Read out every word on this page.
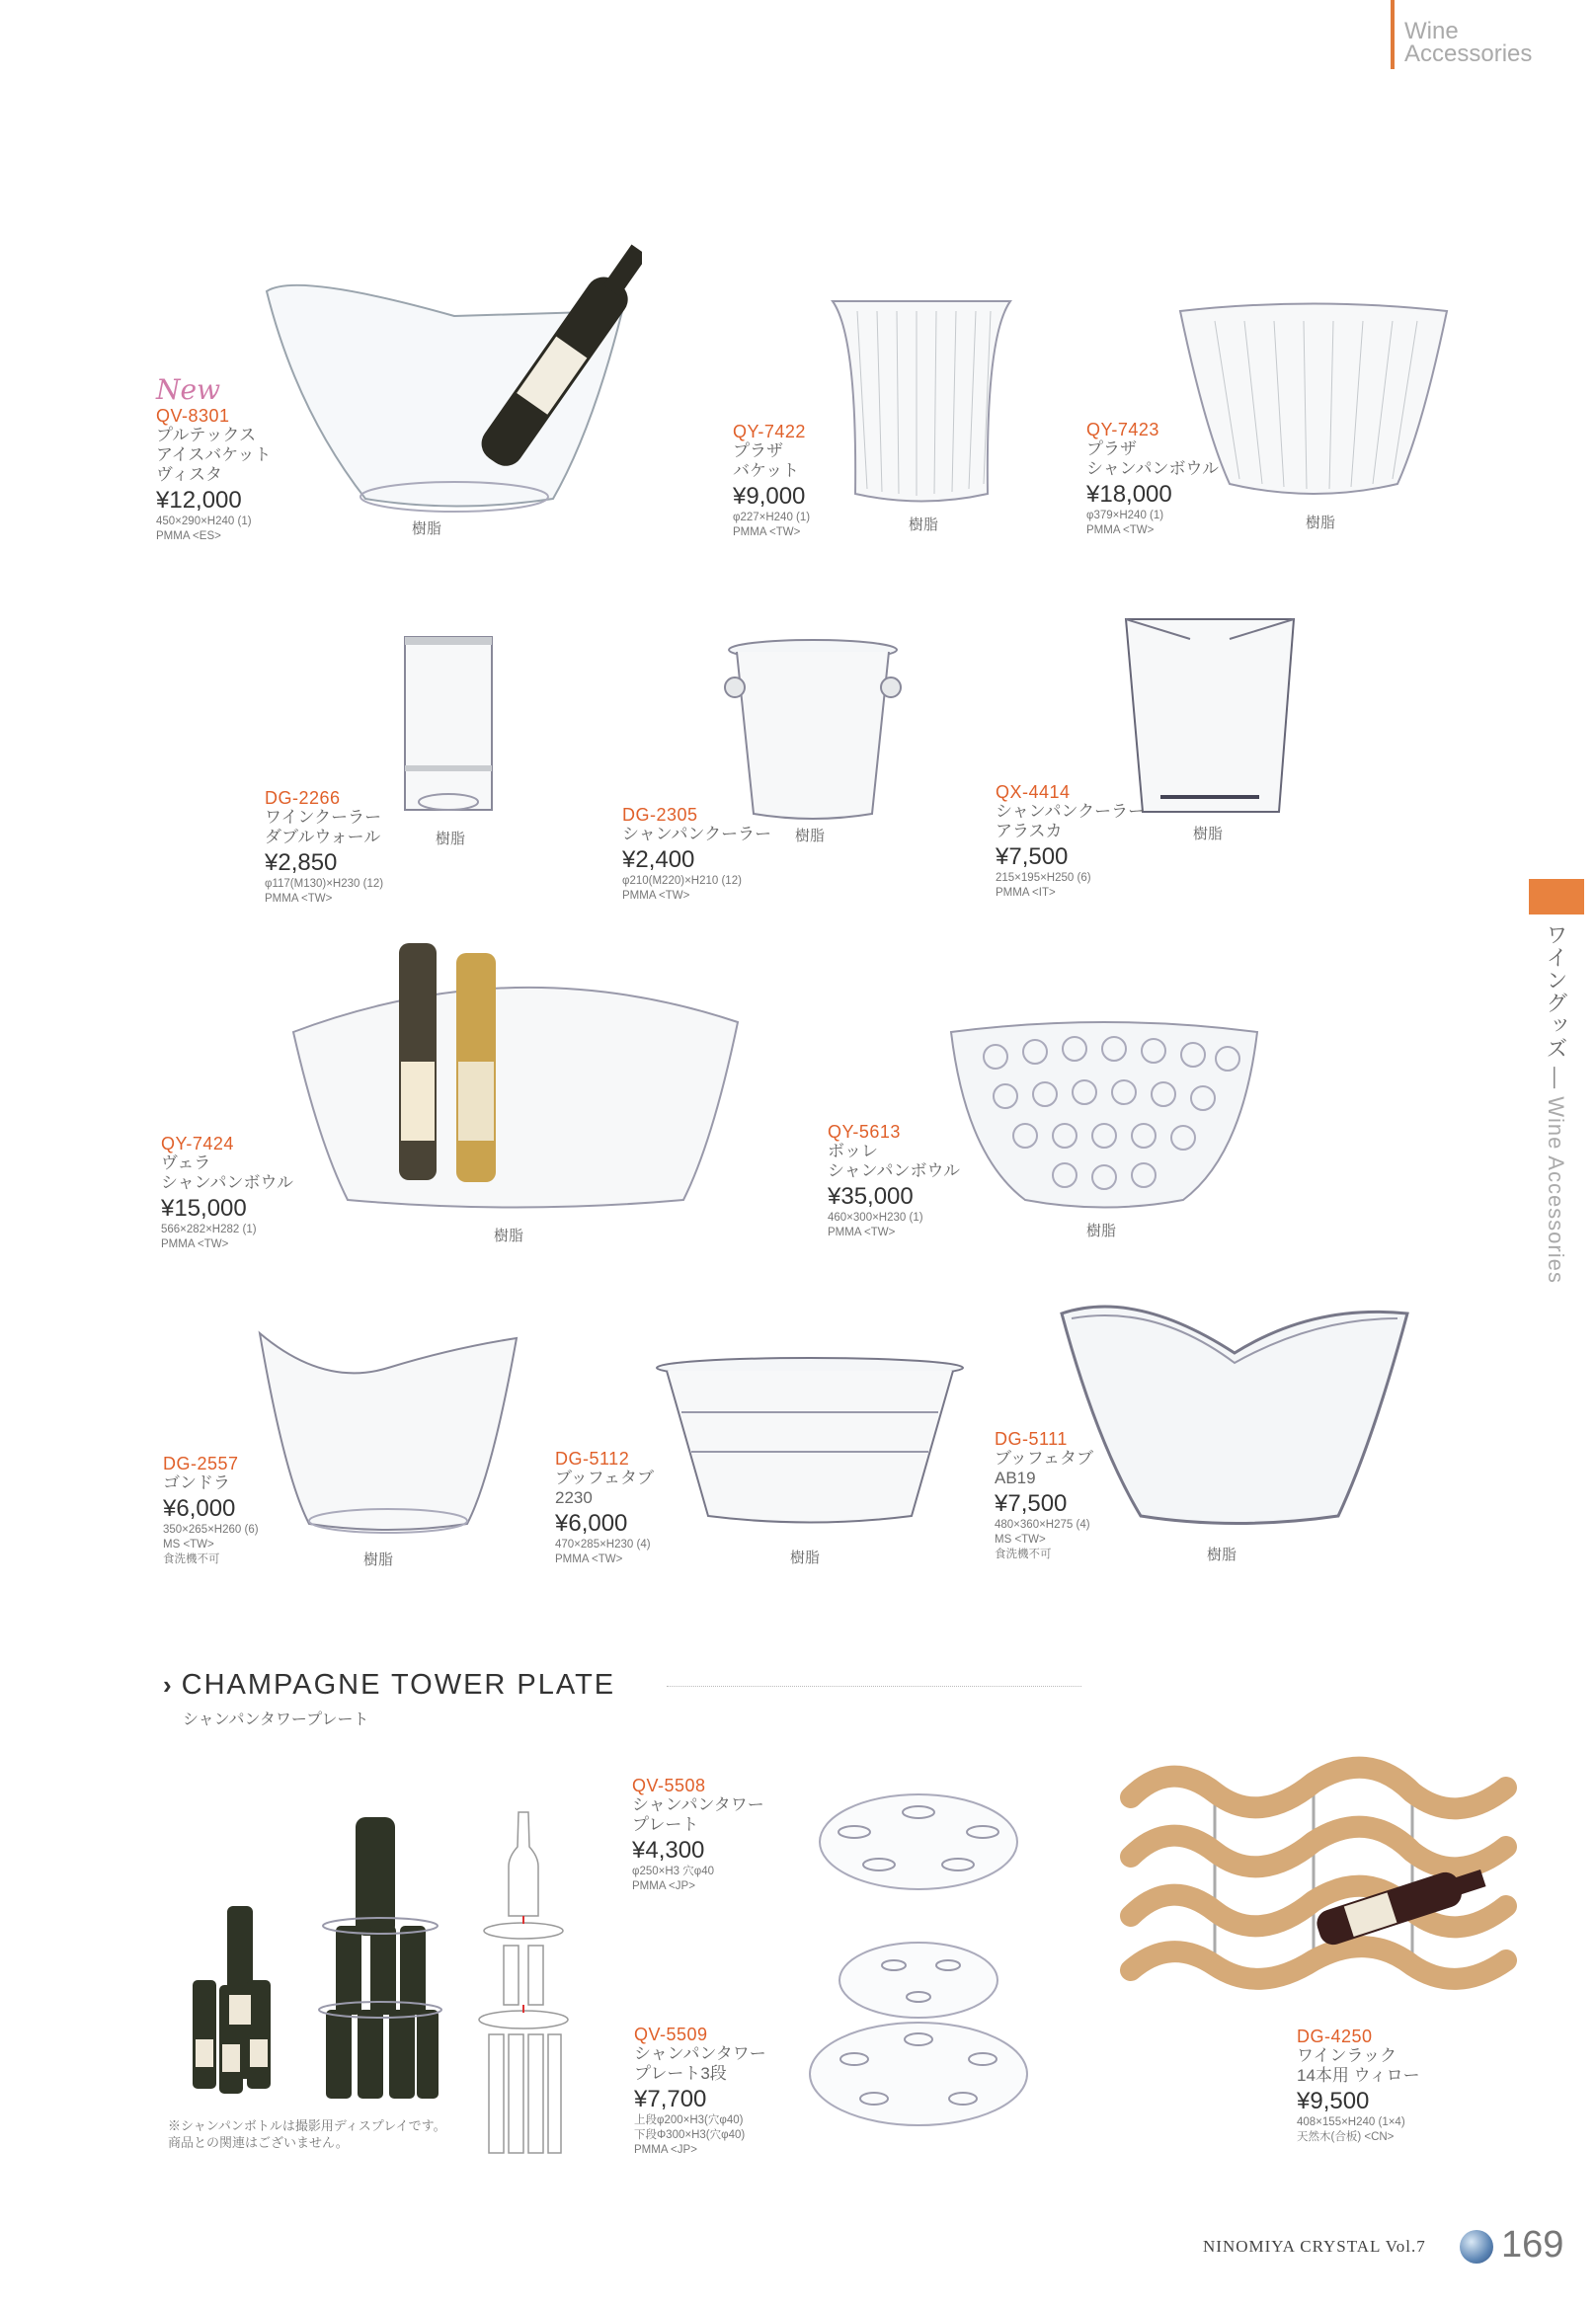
Wine
Accessories
ワイングッズ — Wine Accessories
New
QV-8301
プルテックス
アイスバケット
ヴィスタ
¥12,000
450×290×H240 (1)
PMMA <ES>	樹脂
QY-7422
プラザ
バケット
¥9,000
φ227×H240 (1)
PMMA <TW>	樹脂
QY-7423
プラザ
シャンパンボウル
¥18,000
φ379×H240 (1)
PMMA <TW>	樹脂
DG-2266
ワインクーラー
ダブルウォール
¥2,850
φ117(M130)×H230 (12)
PMMA <TW>
樹脂
DG-2305
シャンパンクーラー
¥2,400
φ210(M220)×H210 (12)
PMMA <TW>
樹脂
QX-4414
シャンパンクーラー
アラスカ
¥7,500
215×195×H250 (6)
PMMA <IT>
樹脂
QY-7424
ヴェラ
シャンパンボウル
¥15,000
566×282×H282 (1)
PMMA <TW>	樹脂
QY-5613
ボッレ
シャンパンボウル
¥35,000
460×300×H230 (1)
PMMA <TW>	樹脂
DG-2557
ゴンドラ
¥6,000
350×265×H260 (6)
MS <TW>
食洗機不可	樹脂
DG-5112
ブッフェタブ
2230
¥6,000
470×285×H230 (4)
PMMA <TW>	樹脂
DG-5111
ブッフェタブ
AB19
¥7,500
480×360×H275 (4)
MS <TW>
食洗機不可	樹脂
› CHAMPAGNE TOWER PLATE
シャンパンタワープレート
※シャンパンボトルは撮影用ディスプレイです。
商品との関連はございません。
QV-5508
シャンパンタワー
プレート
¥4,300
φ250×H3 穴φ40
PMMA <JP>
QV-5509
シャンパンタワー
プレート3段
¥7,700
上段φ200×H3(穴φ40)
下段Φ300×H3(穴φ40)
PMMA <JP>
DG-4250
ワインラック
14本用 ウィロー
¥9,500
408×155×H240 (1×4)
天然木(合板) <CN>
NINOMIYA CRYSTAL Vol.7 169
